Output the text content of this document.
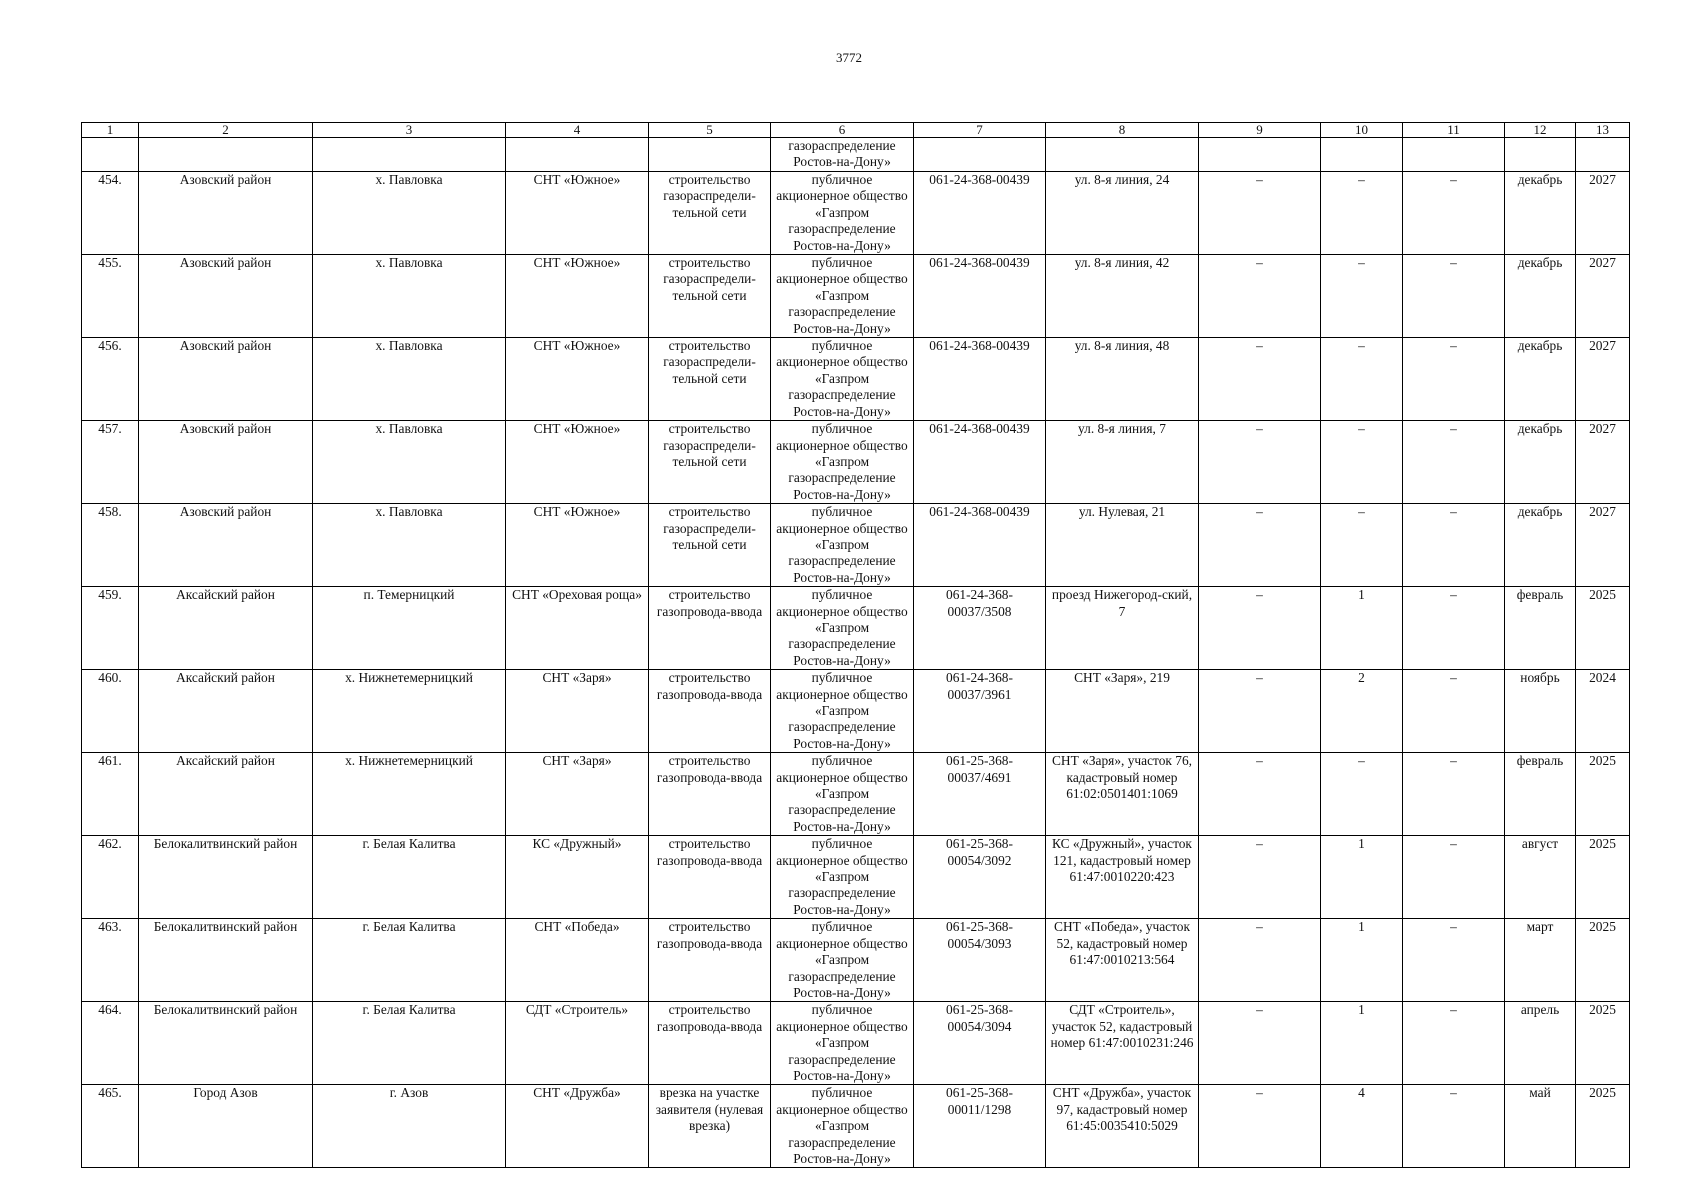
3772
1	2	3	4	5	6	7	8	9	10	11	12	13
					газораспределение Ростов-на-Дону»							
454.	Азовский район	х. Павловка	СНТ «Южное»	строительство газораспредели-тельной сети	публичное акционерное общество «Газпром газораспределение Ростов-на-Дону»	061-24-368-00439	ул. 8-я линия, 24	–	–	–	декабрь	2027
455.	Азовский район	х. Павловка	СНТ «Южное»	строительство газораспредели-тельной сети	публичное акционерное общество «Газпром газораспределение Ростов-на-Дону»	061-24-368-00439	ул. 8-я линия, 42	–	–	–	декабрь	2027
456.	Азовский район	х. Павловка	СНТ «Южное»	строительство газораспредели-тельной сети	публичное акционерное общество «Газпром газораспределение Ростов-на-Дону»	061-24-368-00439	ул. 8-я линия, 48	–	–	–	декабрь	2027
457.	Азовский район	х. Павловка	СНТ «Южное»	строительство газораспредели-тельной сети	публичное акционерное общество «Газпром газораспределение Ростов-на-Дону»	061-24-368-00439	ул. 8-я линия, 7	–	–	–	декабрь	2027
458.	Азовский район	х. Павловка	СНТ «Южное»	строительство газораспредели-тельной сети	публичное акционерное общество «Газпром газораспределение Ростов-на-Дону»	061-24-368-00439	ул. Нулевая, 21	–	–	–	декабрь	2027
459.	Аксайский район	п. Темерницкий	СНТ «Ореховая роща»	строительство газопровода-ввода	публичное акционерное общество «Газпром газораспределение Ростов-на-Дону»	061-24-368-00037/3508	проезд Нижегород-ский, 7	–	1	–	февраль	2025
460.	Аксайский район	х. Нижнетемерницкий	СНТ «Заря»	строительство газопровода-ввода	публичное акционерное общество «Газпром газораспределение Ростов-на-Дону»	061-24-368-00037/3961	СНТ «Заря», 219	–	2	–	ноябрь	2024
461.	Аксайский район	х. Нижнетемерницкий	СНТ «Заря»	строительство газопровода-ввода	публичное акционерное общество «Газпром газораспределение Ростов-на-Дону»	061-25-368-00037/4691	СНТ «Заря», участок 76, кадастровый номер 61:02:0501401:1069	–	–	–	февраль	2025
462.	Белокалитвинский район	г. Белая Калитва	КС «Дружный»	строительство газопровода-ввода	публичное акционерное общество «Газпром газораспределение Ростов-на-Дону»	061-25-368-00054/3092	КС «Дружный», участок 121, кадастровый номер 61:47:0010220:423	–	1	–	август	2025
463.	Белокалитвинский район	г. Белая Калитва	СНТ «Победа»	строительство газопровода-ввода	публичное акционерное общество «Газпром газораспределение Ростов-на-Дону»	061-25-368-00054/3093	СНТ «Победа», участок 52, кадастровый номер 61:47:0010213:564	–	1	–	март	2025
464.	Белокалитвинский район	г. Белая Калитва	СДТ «Строитель»	строительство газопровода-ввода	публичное акционерное общество «Газпром газораспределение Ростов-на-Дону»	061-25-368-00054/3094	СДТ «Строитель», участок 52, кадастровый номер 61:47:0010231:246	–	1	–	апрель	2025
465.	Город Азов	г. Азов	СНТ «Дружба»	врезка на участке заявителя (нулевая врезка)	публичное акционерное общество «Газпром газораспределение Ростов-на-Дону»	061-25-368-00011/1298	СНТ «Дружба», участок 97, кадастровый номер 61:45:0035410:5029	–	4	–	май	2025
